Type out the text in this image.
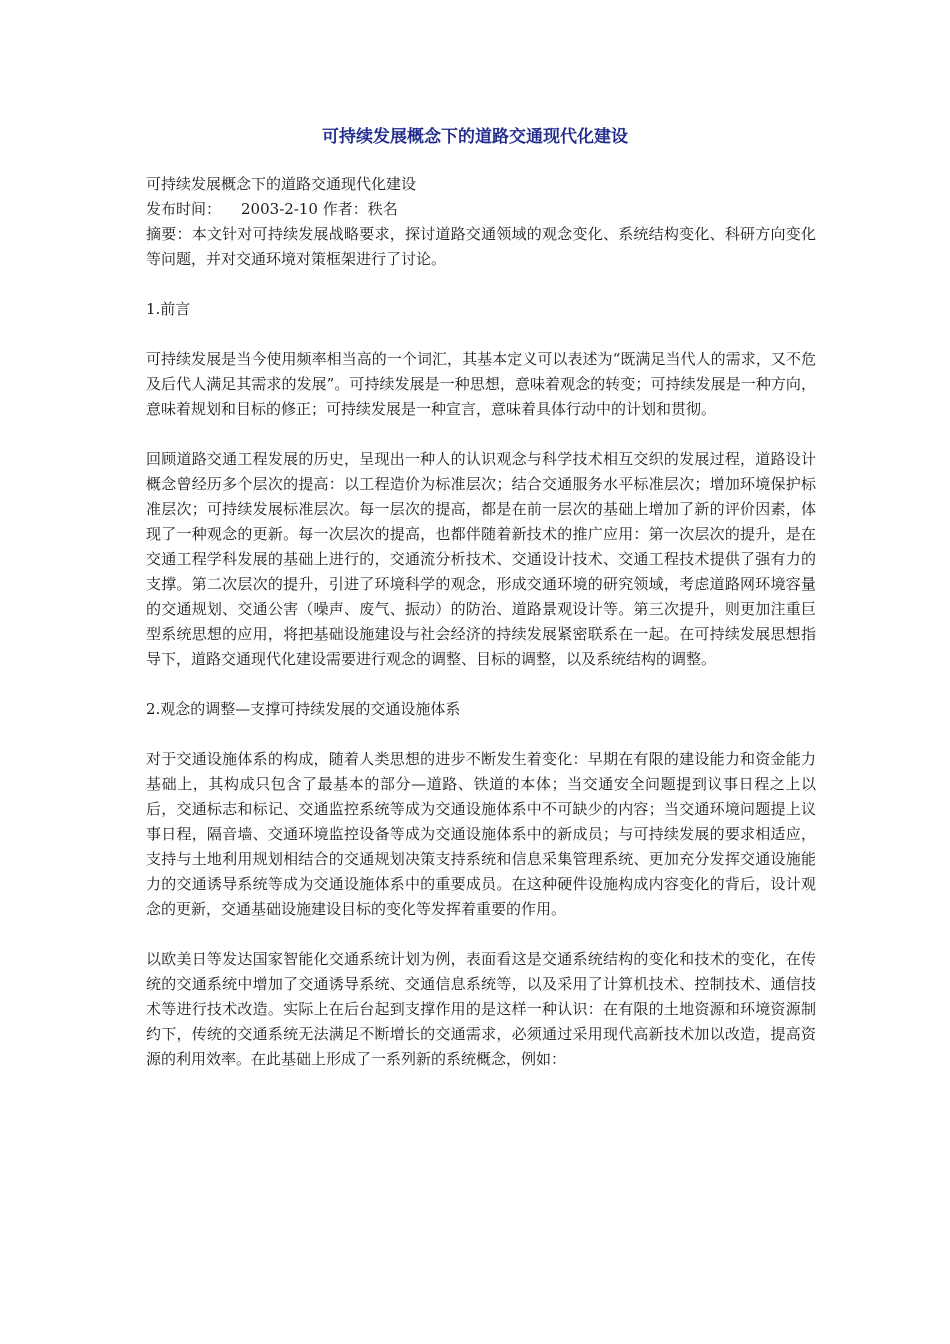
可持续发展概念下的道路交通现代化建设

可持续发展概念下的道路交通现代化建设

发布时间： 2003-2-10 作者：秩名

摘要：本文针对可持续发展战略要求，探讨道路交通领域的观念变化、系统结构变化、科研方向变化等问题，并对交通环境对策框架进行了讨论。

1.前言

可持续发展是当今使用频率相当高的一个词汇，其基本定义可以表述为“既满足当代人的需求，又不危及后代人满足其需求的发展”。可持续发展是一种思想，意味着观念的转变；可持续发展是一种方向，意味着规划和目标的修正；可持续发展是一种宣言，意味着具体行动中的计划和贯彻。

回顾道路交通工程发展的历史，呈现出一种人的认识观念与科学技术相互交织的发展过程，道路设计概念曾经历多个层次的提高：以工程造价为标准层次；结合交通服务水平标准层次；增加环境保护标准层次；可持续发展标准层次。每一层次的提高，都是在前一层次的基础上增加了新的评价因素，体现了一种观念的更新。每一次层次的提高，也都伴随着新技术的推广应用：第一次层次的提升，是在交通工程学科发展的基础上进行的，交通流分析技术、交通设计技术、交通工程技术提供了强有力的支撑。第二次层次的提升，引进了环境科学的观念，形成交通环境的研究领域，考虑道路网环境容量的交通规划、交通公害（噪声、废气、振动）的防治、道路景观设计等。第三次提升，则更加注重巨型系统思想的应用，将把基础设施建设与社会经济的持续发展紧密联系在一起。在可持续发展思想指导下，道路交通现代化建设需要进行观念的调整、目标的调整，以及系统结构的调整。

2.观念的调整—支撑可持续发展的交通设施体系

对于交通设施体系的构成，随着人类思想的进步不断发生着变化：早期在有限的建设能力和资金能力基础上，其构成只包含了最基本的部分—道路、铁道的本体；当交通安全问题提到议事日程之上以后，交通标志和标记、交通监控系统等成为交通设施体系中不可缺少的内容；当交通环境问题提上议事日程，隔音墙、交通环境监控设备等成为交通设施体系中的新成员；与可持续发展的要求相适应，支持与土地利用规划相结合的交通规划决策支持系统和信息采集管理系统、更加充分发挥交通设施能力的交通诱导系统等成为交通设施体系中的重要成员。在这种硬件设施构成内容变化的背后，设计观念的更新，交通基础设施建设目标的变化等发挥着重要的作用。

以欧美日等发达国家智能化交通系统计划为例，表面看这是交通系统结构的变化和技术的变化，在传统的交通系统中增加了交通诱导系统、交通信息系统等，以及采用了计算机技术、控制技术、通信技术等进行技术改造。实际上在后台起到支撑作用的是这样一种认识：在有限的土地资源和环境资源制约下，传统的交通系统无法满足不断增长的交通需求，必须通过采用现代高新技术加以改造，提高资源的利用效率。在此基础上形成了一系列新的系统概念，例如：
